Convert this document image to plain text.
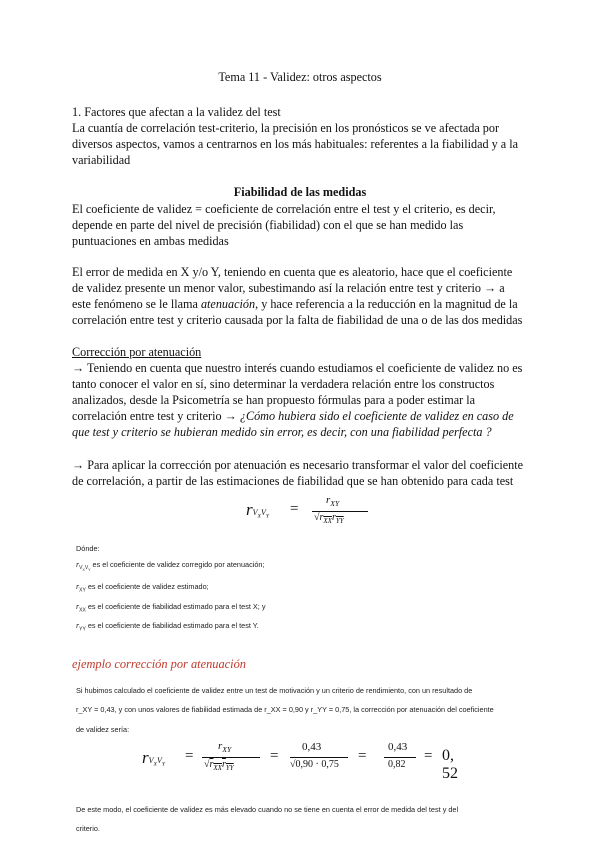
Tema 11 - Validez: otros aspectos
1. Factores que afectan a la validez del test
La cuantía de correlación test-criterio, la precisión en los pronósticos se ve afectada por
diversos aspectos, vamos a centrarnos en los más habituales: referentes a la fiabilidad y a la
variabilidad
Fiabilidad de las medidas
El coeficiente de validez = coeficiente de correlación entre el test y el criterio, es decir,
depende en parte del nivel de precisión (fiabilidad) con el que se han medido las
puntuaciones en ambas medidas
El error de medida en X y/o Y, teniendo en cuenta que es aleatorio, hace que el coeficiente
de validez presente un menor valor, subestimando así la relación entre test y criterio → a
este fenómeno se le llama atenuación, y hace referencia a la reducción en la magnitud de la
correlación entre test y criterio causada por la falta de fiabilidad de una o de las dos medidas
Corrección por atenuación
→ Teniendo en cuenta que nuestro interés cuando estudiamos el coeficiente de validez no es
tanto conocer el valor en sí, sino determinar la verdadera relación entre los constructos
analizados, desde la Psicometría se han propuesto fórmulas para a poder estimar la
correlación entre test y criterio → ¿Cómo hubiera sido el coeficiente de validez en caso de
que test y criterio se hubieran medido sin error, es decir, con una fiabilidad perfecta ?
→ Para aplicar la corrección por atenuación es necesario transformar el valor del coeficiente
de correlación, a partir de las estimaciones de fiabilidad que se han obtenido para cada test
$rV_XV_Y$ =
$r_{XY}$
$√r_{XX}r_{YY}$
Dónde:
$r_{V_XV_Y}$ es el coeficiente de validez corregido por atenuación;
$r_{XY}$ es el coeficiente de validez estimado;
$r_{XX}$ es el coeficiente de fiabilidad estimado para el test X; y
$r_{YY}$ es el coeficiente de fiabilidad estimado para el test Y.
ejemplo corrección por atenuación
Si hubimos calculado el coeficiente de validez entre un test de motivación y un criterio de rendimiento, con un resultado de
r_XY = 0,43, y con unos valores de fiabilidad estimada de r_XX = 0,90 y r_YY = 0,75, la corrección por atenuación del coeficiente
de validez sería:
$rV_XV_Y$
=
$r_{XY}$
$√r_{XX}r_{YY}$
=
0,43
√0,90 · 0,75
=
0,43
0,82
= 0, 52
De este modo, el coeficiente de validez es más elevado cuando no se tiene en cuenta el error de medida del test y del
criterio.
